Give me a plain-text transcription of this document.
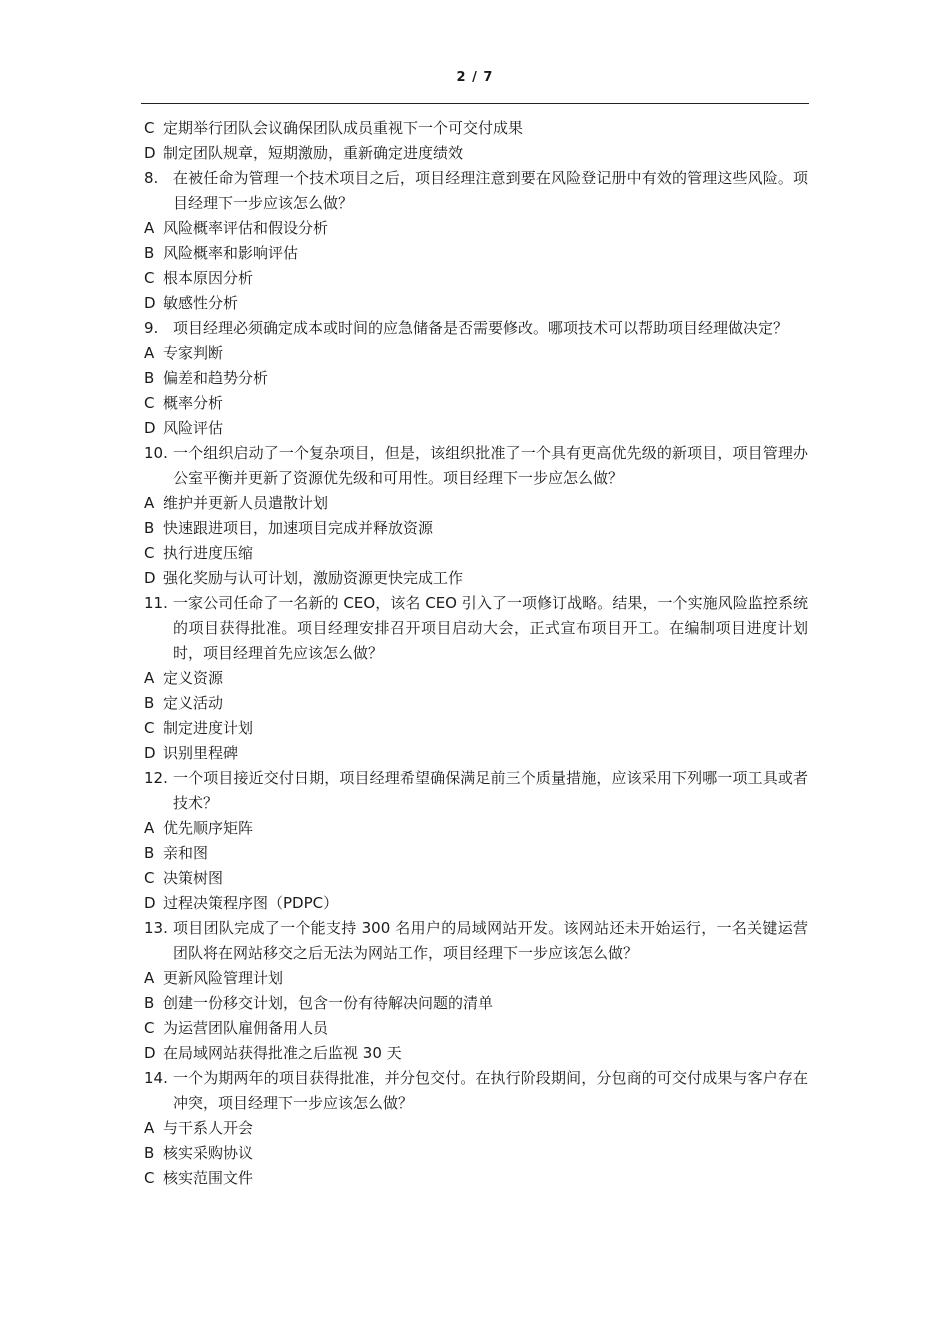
2 / 7
C 定期举行团队会议确保团队成员重视下一个可交付成果
D 制定团队规章，短期激励，重新确定进度绩效
8. 在被任命为管理一个技术项目之后，项目经理注意到要在风险登记册中有效的管理这些风险。项目经理下一步应该怎么做？
A 风险概率评估和假设分析
B 风险概率和影响评估
C 根本原因分析
D 敏感性分析
9. 项目经理必须确定成本或时间的应急储备是否需要修改。哪项技术可以帮助项目经理做决定？
A 专家判断
B 偏差和趋势分析
C 概率分析
D 风险评估
10. 一个组织启动了一个复杂项目，但是，该组织批准了一个具有更高优先级的新项目，项目管理办公室平衡并更新了资源优先级和可用性。项目经理下一步应怎么做？
A 维护并更新人员遣散计划
B 快速跟进项目，加速项目完成并释放资源
C 执行进度压缩
D 强化奖励与认可计划，激励资源更快完成工作
11. 一家公司任命了一名新的 CEO，该名 CEO 引入了一项修订战略。结果，一个实施风险监控系统的项目获得批准。项目经理安排召开项目启动大会，正式宣布项目开工。在编制项目进度计划时，项目经理首先应该怎么做？
A 定义资源
B 定义活动
C 制定进度计划
D 识别里程碑
12. 一个项目接近交付日期，项目经理希望确保满足前三个质量措施，应该采用下列哪一项工具或者技术？
A 优先顺序矩阵
B 亲和图
C 决策树图
D 过程决策程序图（PDPC）
13. 项目团队完成了一个能支持 300 名用户的局域网站开发。该网站还未开始运行，一名关键运营团队将在网站移交之后无法为网站工作，项目经理下一步应该怎么做？
A 更新风险管理计划
B 创建一份移交计划，包含一份有待解决问题的清单
C 为运营团队雇佣备用人员
D 在局域网站获得批准之后监视 30 天
14. 一个为期两年的项目获得批准，并分包交付。在执行阶段期间，分包商的可交付成果与客户存在冲突，项目经理下一步应该怎么做？
A 与干系人开会
B 核实采购协议
C 核实范围文件
